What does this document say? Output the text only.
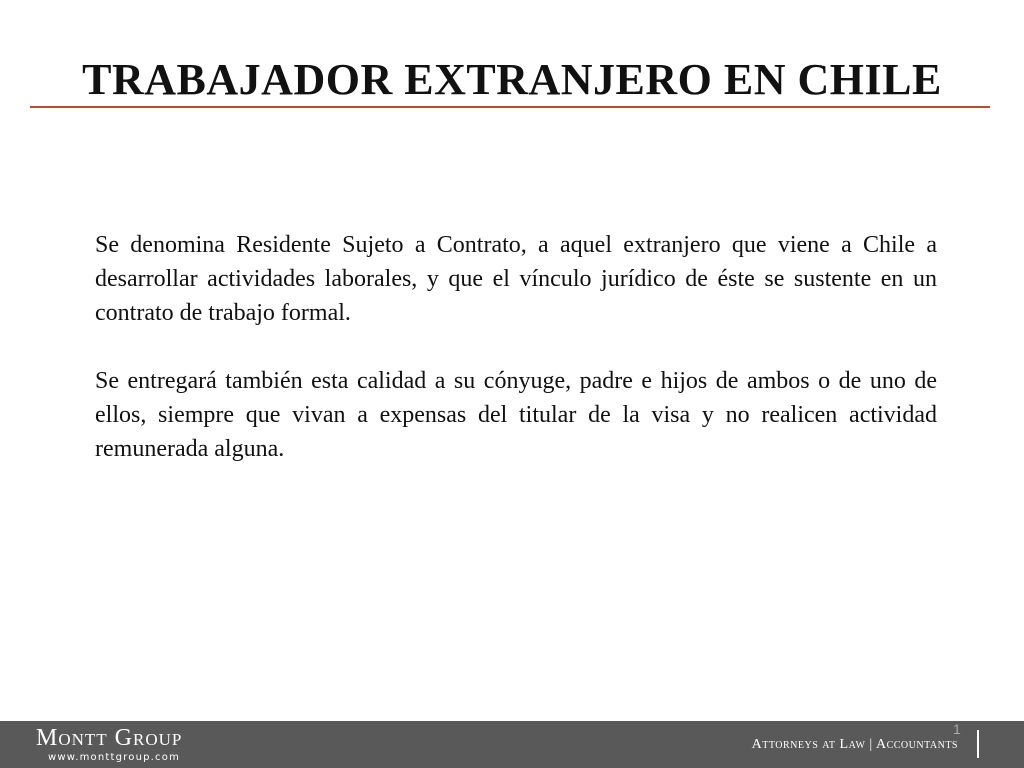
TRABAJADOR EXTRANJERO EN CHILE

Se denomina Residente Sujeto a Contrato, a aquel extranjero que viene a Chile a desarrollar actividades laborales, y que el vínculo jurídico de éste se sustente en un contrato de trabajo formal.

Se entregará también esta calidad a su cónyuge, padre e hijos de ambos o de uno de ellos, siempre que vivan a expensas del titular de la visa y no realicen actividad remunerada alguna.

Montt Group
www.monttgroup.com
1
Attorneys at Law | Accountants
